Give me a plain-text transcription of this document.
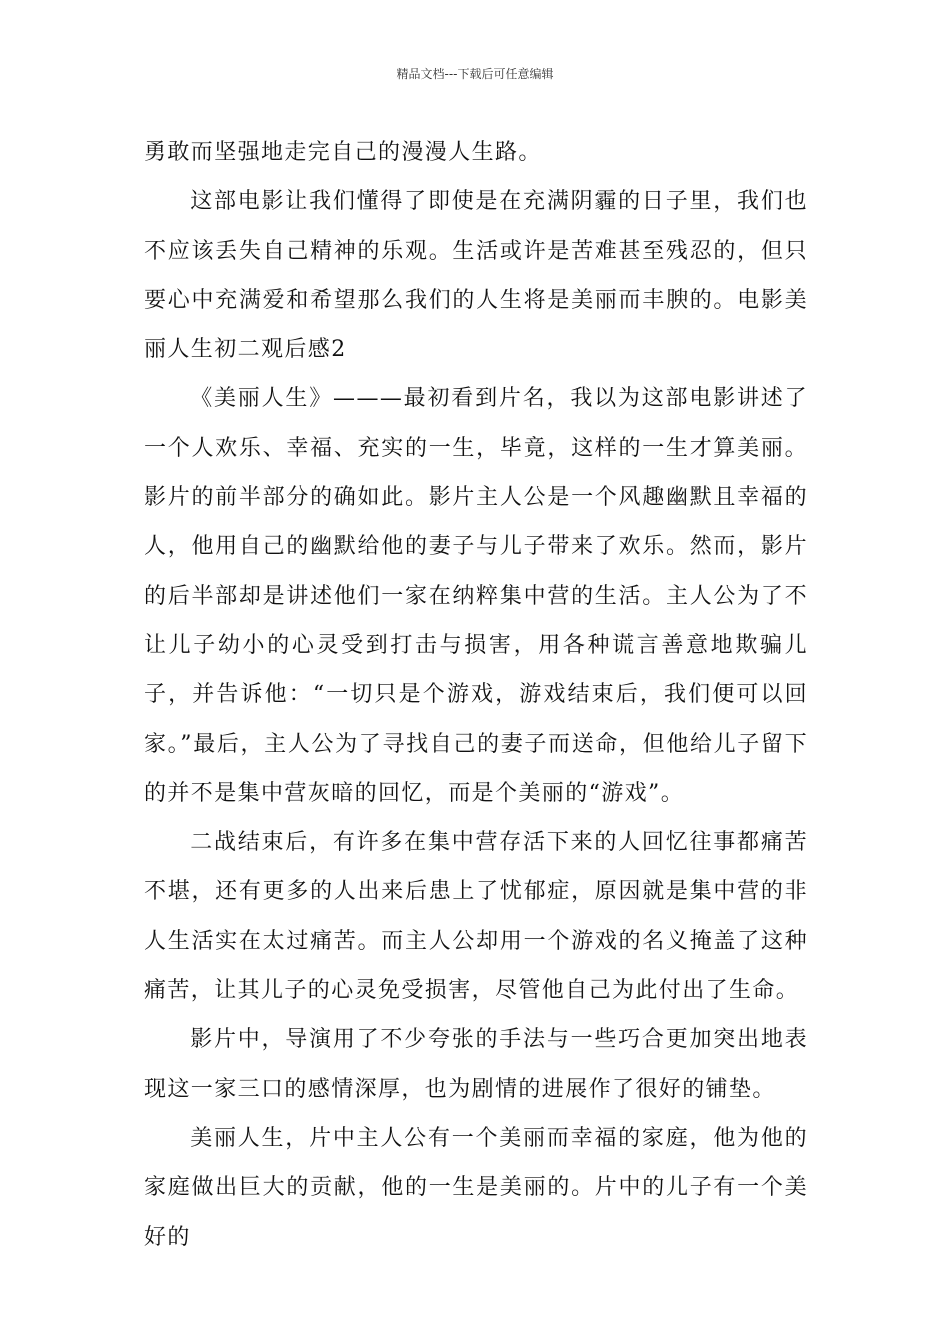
精品文档---下载后可任意编辑

勇敢而坚强地走完自己的漫漫人生路。

这部电影让我们懂得了即使是在充满阴霾的日子里，我们也不应该丢失自己精神的乐观。生活或许是苦难甚至残忍的，但只要心中充满爱和希望那么我们的人生将是美丽而丰腴的。电影美丽人生初二观后感2

《美丽人生》———最初看到片名，我以为这部电影讲述了一个人欢乐、幸福、充实的一生，毕竟，这样的一生才算美丽。影片的前半部分的确如此。影片主人公是一个风趣幽默且幸福的人，他用自己的幽默给他的妻子与儿子带来了欢乐。然而，影片的后半部却是讲述他们一家在纳粹集中营的生活。主人公为了不让儿子幼小的心灵受到打击与损害，用各种谎言善意地欺骗儿子，并告诉他：“一切只是个游戏，游戏结束后，我们便可以回家。”最后，主人公为了寻找自己的妻子而送命，但他给儿子留下的并不是集中营灰暗的回忆，而是个美丽的“游戏”。

二战结束后，有许多在集中营存活下来的人回忆往事都痛苦不堪，还有更多的人出来后患上了忧郁症，原因就是集中营的非人生活实在太过痛苦。而主人公却用一个游戏的名义掩盖了这种痛苦，让其儿子的心灵免受损害，尽管他自己为此付出了生命。

影片中，导演用了不少夸张的手法与一些巧合更加突出地表现这一家三口的感情深厚，也为剧情的进展作了很好的铺垫。

美丽人生，片中主人公有一个美丽而幸福的家庭，他为他的家庭做出巨大的贡献，他的一生是美丽的。片中的儿子有一个美好的
